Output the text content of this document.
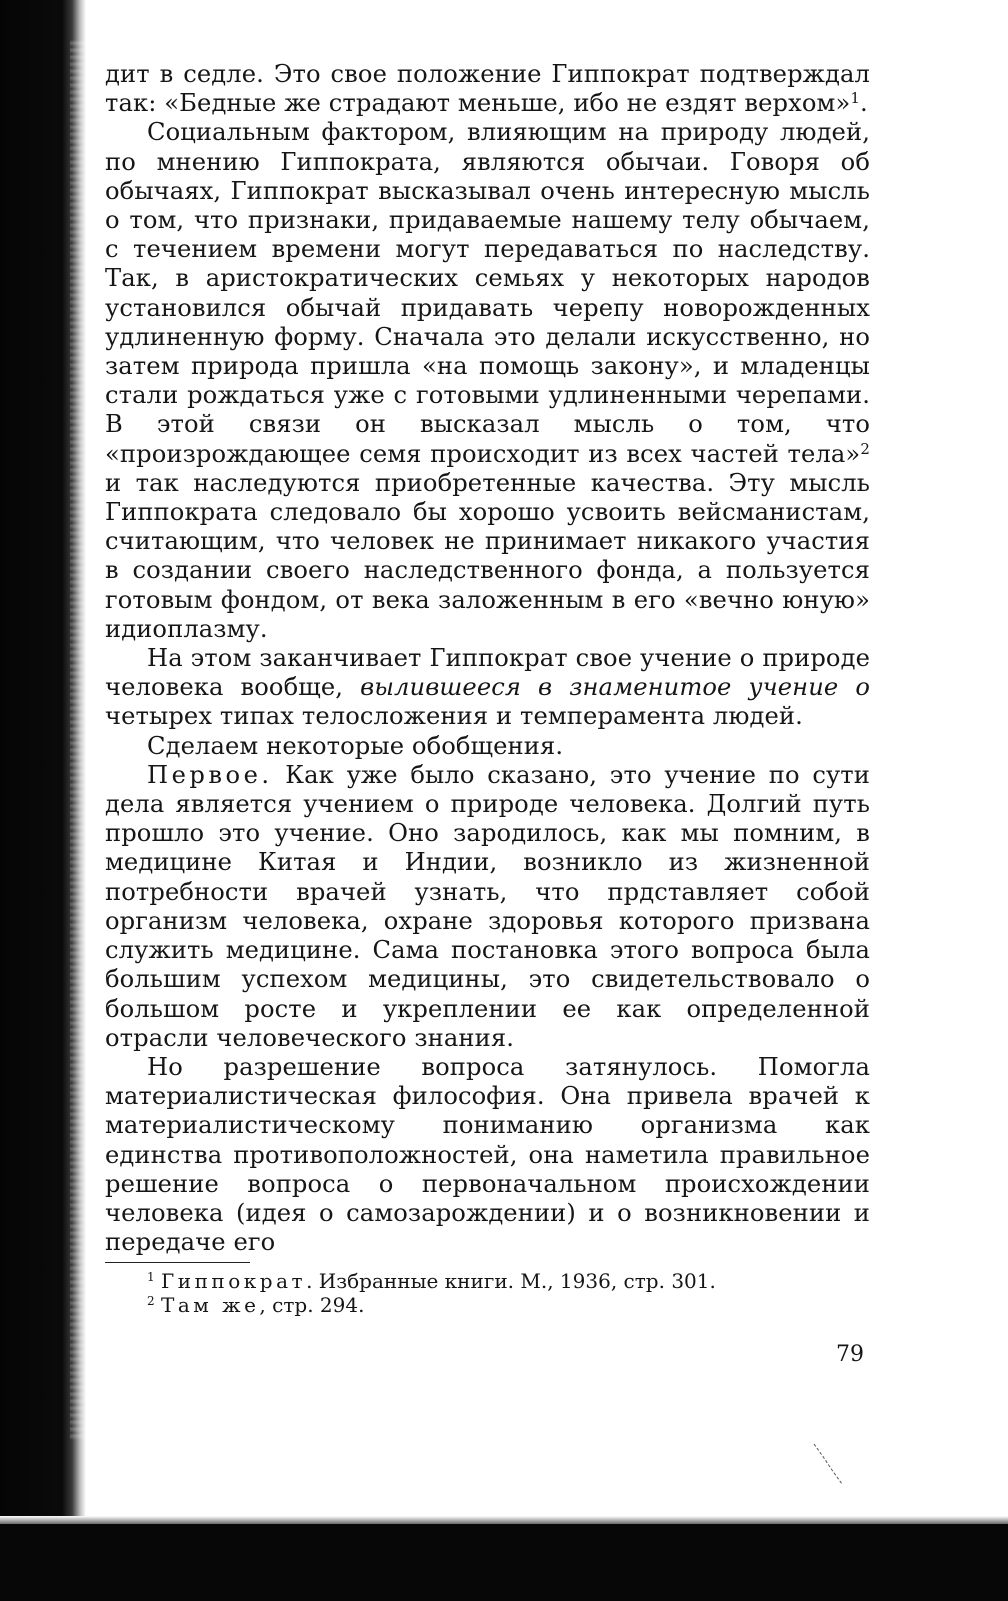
дит в седле. Это свое положение Гиппократ подтверждал так: «Бедные же страдают меньше, ибо не ездят верхом»$^1$.

Социальным фактором, влияющим на природу людей, по мнению Гиппократа, являются обычаи. Говоря об обычаях, Гиппократ высказывал очень интересную мысль о том, что признаки, придаваемые нашему телу обычаем, с течением времени могут передаваться по наследству. Так, в аристократических семьях у некоторых народов установился обычай придавать черепу новорожденных удлиненную форму. Сначала это делали искусственно, но затем природа пришла «на помощь закону», и младенцы стали рождаться уже с готовыми удлиненными черепами. В этой связи он высказал мысль о том, что «произрождающее семя происходит из всех частей тела»$^2$ и так наследуются приобретенные качества. Эту мысль Гиппократа следовало бы хорошо усвоить вейсманистам, считающим, что человек не принимает никакого участия в создании своего наследственного фонда, а пользуется готовым фондом, от века заложенным в его «вечно юную» идиоплазму.

На этом заканчивает Гиппократ свое учение о природе человека вообще, вылившееся в знаменитое учение о четырех типах телосложения и темперамента людей.

Сделаем некоторые обобщения.

Первое. Как уже было сказано, это учение по сути дела является учением о природе человека. Долгий путь прошло это учение. Оно зародилось, как мы помним, в медицине Китая и Индии, возникло из жизненной потребности врачей узнать, что прдставляет собой организм человека, охране здоровья которого призвана служить медицине. Сама постановка этого вопроса была большим успехом медицины, это свидетельствовало о большом росте и укреплении ее как определенной отрасли человеческого знания.

Но разрешение вопроса затянулось. Помогла материалистическая философия. Она привела врачей к материалистическому пониманию организма как единства противоположностей, она наметила правильное решение вопроса о первоначальном происхождении человека (идея о самозарождении) и о возникновении и передаче его

$^1$ Гиппократ. Избранные книги. М., 1936, стр. 301.

$^2$ Там же, стр. 294.

79
